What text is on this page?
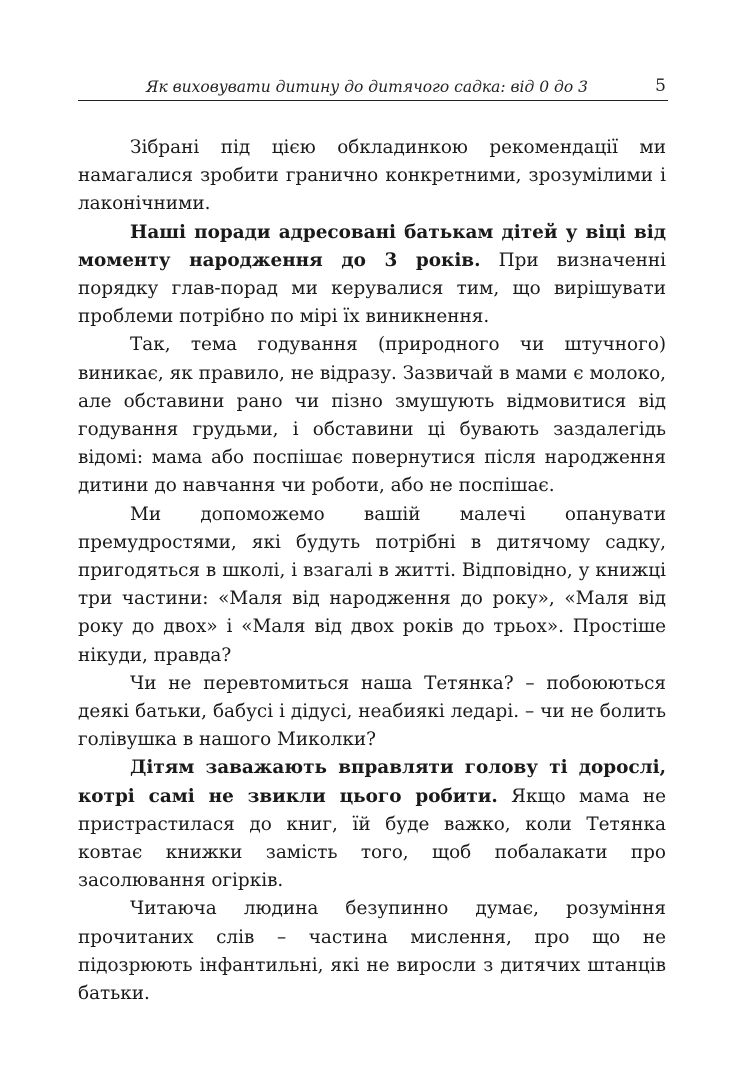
Як виховувати дитину до дитячого садка: від 0 до 3	5

Зібрані під цією обкладинкою рекомендації ми намагалися зробити гранично конкретними, зрозумілими і лаконічними.

Наші поради адресовані батькам дітей у віці від моменту народження до 3 років. При визначенні порядку глав-порад ми керувалися тим, що вирішувати проблеми потрібно по мірі їх виникнення.

Так, тема годування (природного чи штучного) виникає, як правило, не відразу. Зазвичай в мами є молоко, але обставини рано чи пізно змушують відмовитися від годування грудьми, і обставини ці бувають заздалегідь відомі: мама або поспішає повернутися після народження дитини до навчання чи роботи, або не поспішає.

Ми допоможемо вашій малечі опанувати премудростями, які будуть потрібні в дитячому садку, пригодяться в школі, і взагалі в житті. Відповідно, у книжці три частини: «Маля від народження до року», «Маля від року до двох» і «Маля від двох років до трьох». Простіше нікуди, правда?

Чи не перевтомиться наша Тетянка? – побоюються деякі батьки, бабусі і дідусі, неабиякі ледарі. – чи не болить голівушка в нашого Миколки?

Дітям заважають вправляти голову ті дорослі, котрі самі не звикли цього робити. Якщо мама не пристрастилася до книг, їй буде важко, коли Тетянка ковтає книжки замість того, щоб побалакати про засолювання огірків.

Читаюча людина безупинно думає, розуміння прочитаних слів – частина мислення, про що не підозрюють інфантильні, які не виросли з дитячих штанців батьки.
